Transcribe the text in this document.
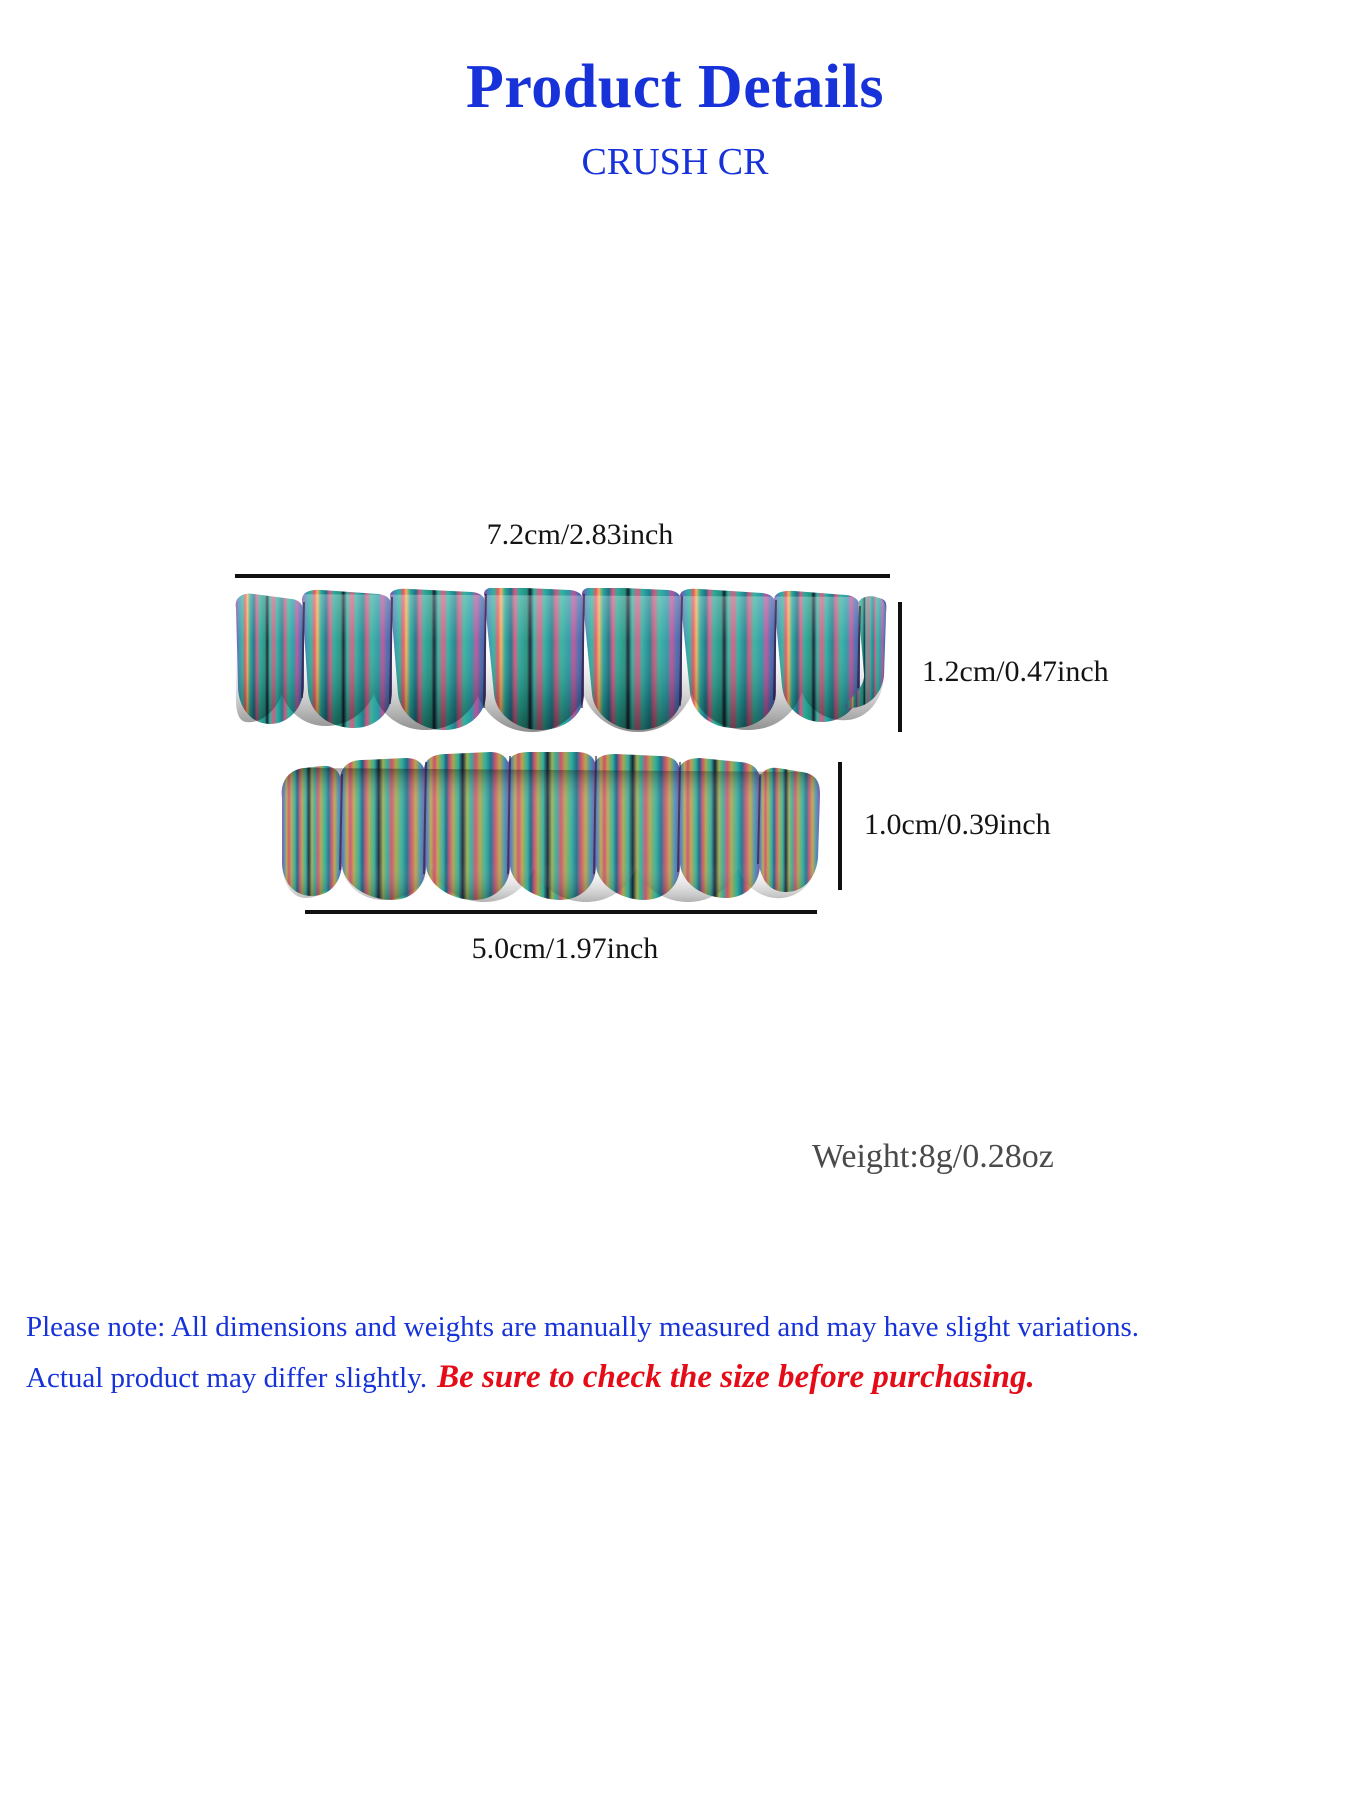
Product Details
CRUSH CR
7.2cm/2.83inch
1.2cm/0.47inch
1.0cm/0.39inch
5.0cm/1.97inch
Weight:8g/0.28oz
Please note: All dimensions and weights are manually measured and may have slight variations.
Actual product may differ slightly. Be sure to check the size before purchasing.
